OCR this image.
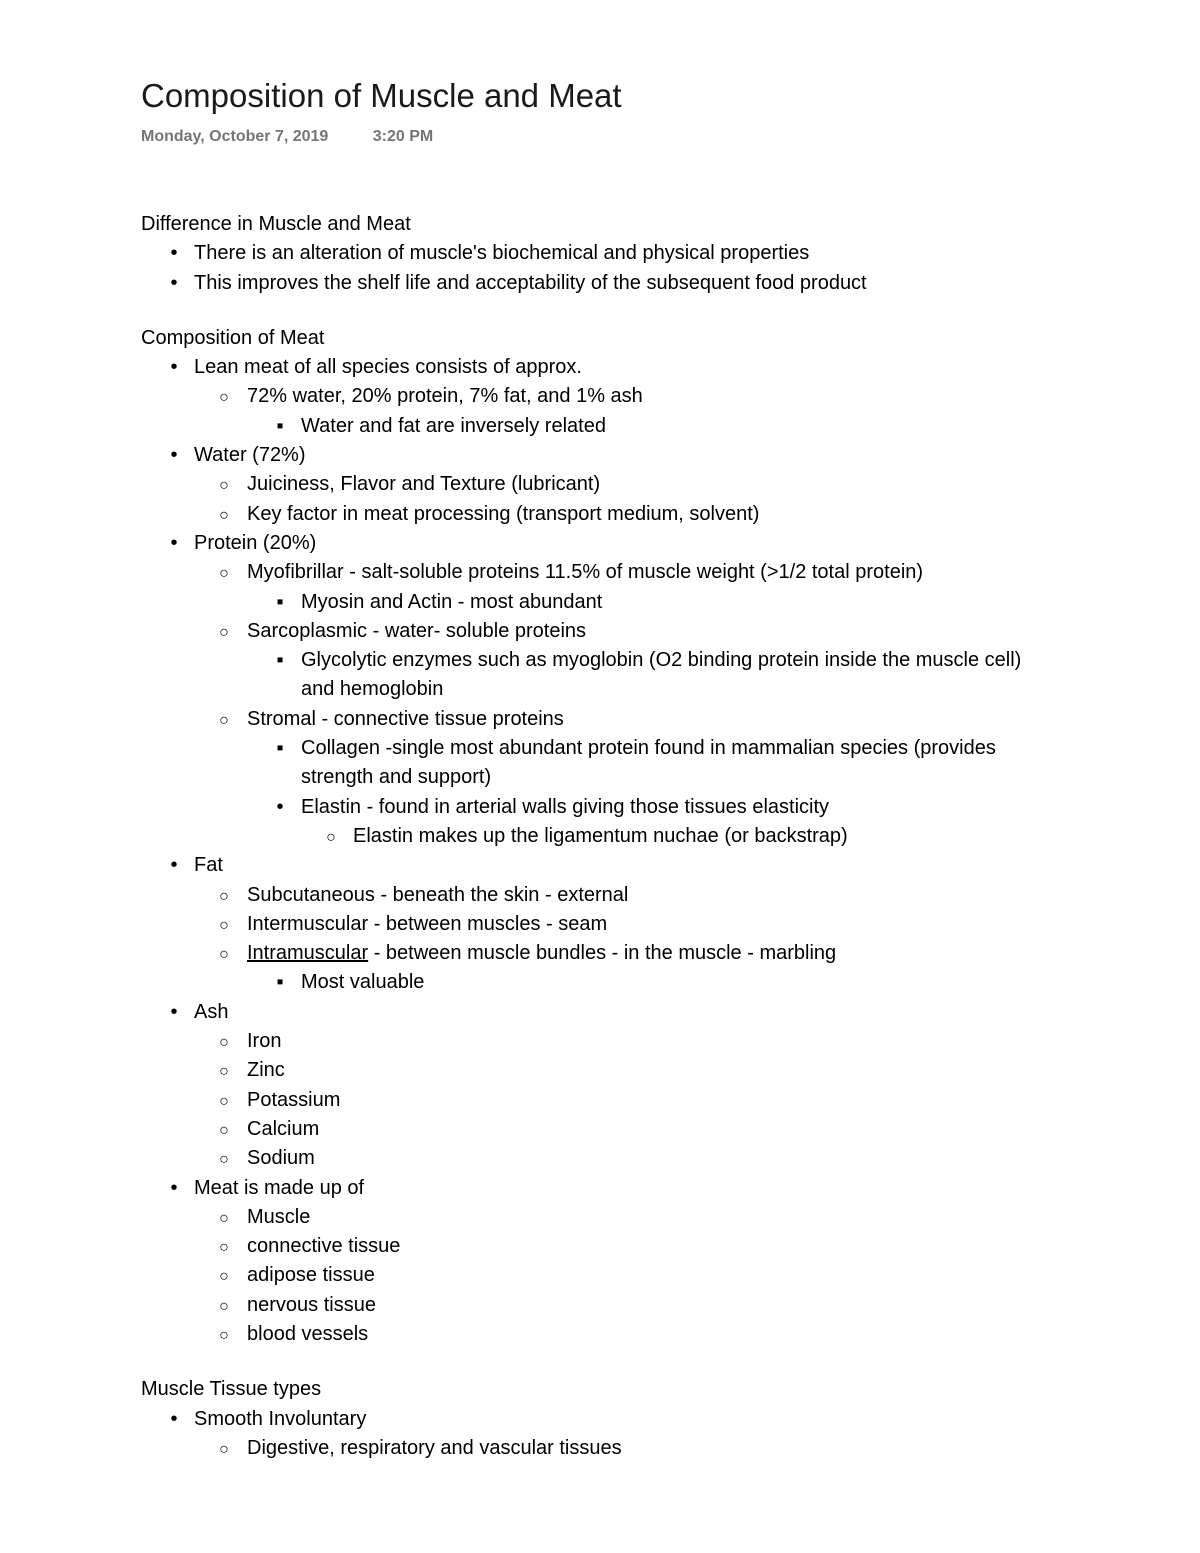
Composition of Muscle and Meat
Monday, October 7, 2019	3:20 PM
Difference in Muscle and Meat
•
There is an alteration of muscle's biochemical and physical properties
•
This improves the shelf life and acceptability of the subsequent food product
Composition of Meat
•
Lean meat of all species consists of approx.
○
72% water, 20% protein, 7% fat, and 1% ash
▪
Water and fat are inversely related
•
Water (72%)
○
Juiciness, Flavor and Texture (lubricant)
○
Key factor in meat processing (transport medium, solvent)
•
Protein (20%)
○
Myofibrillar - salt-soluble proteins 11.5% of muscle weight (>1/2 total protein)
▪
Myosin and Actin - most abundant
○
Sarcoplasmic - water- soluble proteins
▪
Glycolytic enzymes such as myoglobin (O2 binding protein inside the muscle cell) and hemoglobin
○
Stromal - connective tissue proteins
▪
Collagen -single most abundant protein found in mammalian species (provides strength and support)
•
Elastin - found in arterial walls giving those tissues elasticity
○
Elastin makes up the ligamentum nuchae (or backstrap)
•
Fat
○
Subcutaneous - beneath the skin - external
○
Intermuscular - between muscles - seam
○
Intramuscular - between muscle bundles - in the muscle - marbling
▪
Most valuable
•
Ash
○
Iron
○
Zinc
○
Potassium
○
Calcium
○
Sodium
•
Meat is made up of
○
Muscle
○
connective tissue
○
adipose tissue
○
nervous tissue
○
blood vessels
Muscle Tissue types
•
Smooth Involuntary
○
Digestive, respiratory and vascular tissues
